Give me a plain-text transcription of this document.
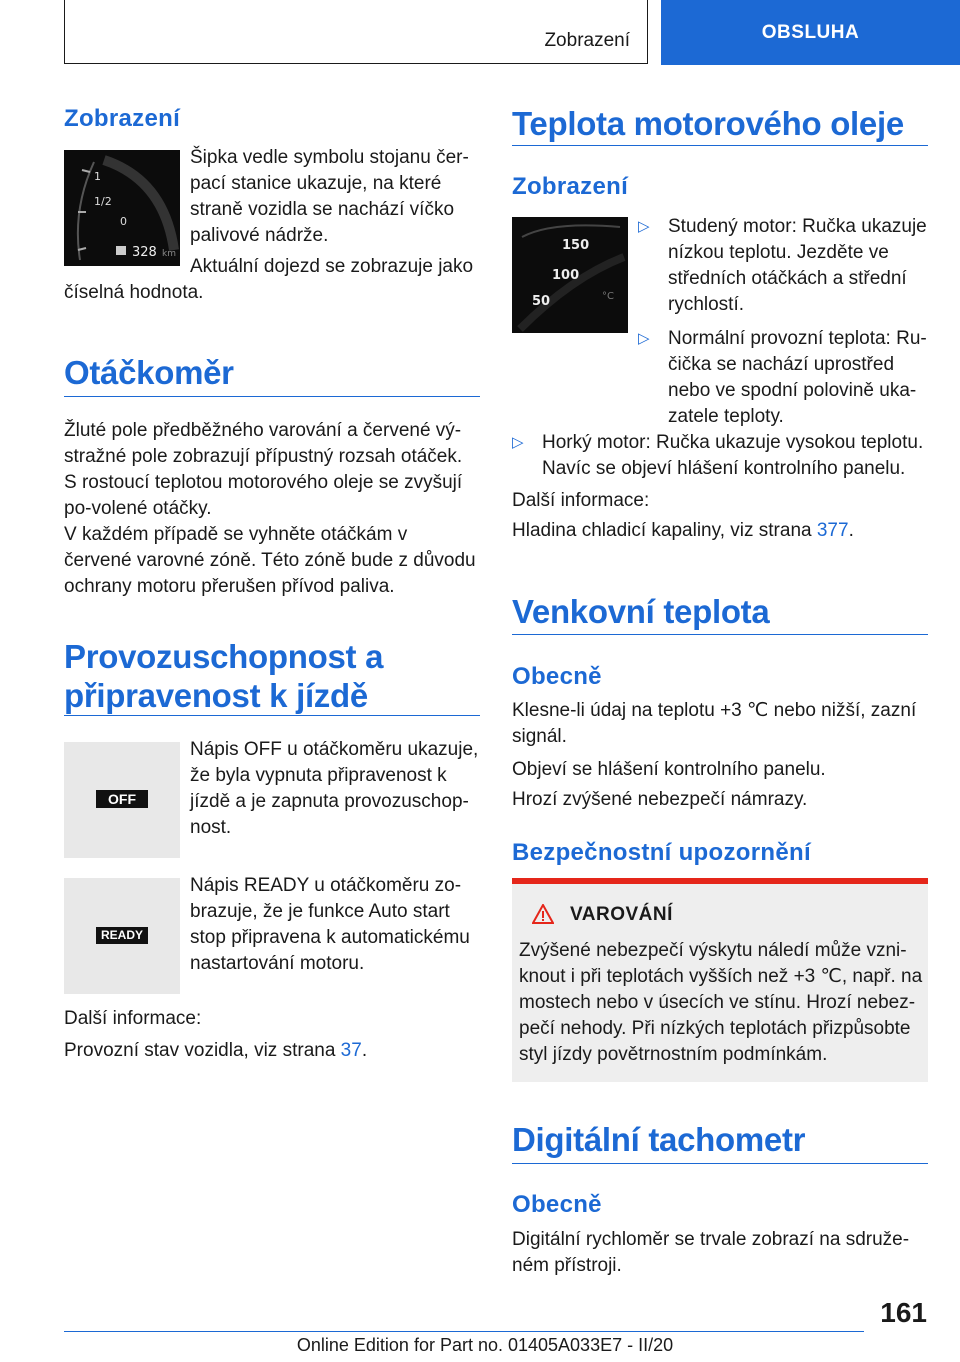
Zobrazení	OBSLUHA
Zobrazení
1
1/2
0
328 km
Šipka vedle symbolu stojanu čer-pací stanice ukazuje, na které straně vozidla se nachází víčko palivové nádrže.
Aktuální dojezd se zobrazuje jako číselná hodnota.
Otáčkoměr
Žluté pole předběžného varování a červené vý-stražné pole zobrazují přípustný rozsah otáček. S rostoucí teplotou motorového oleje se zvyšují po-volené otáčky.
V každém případě se vyhněte otáčkám v červené varovné zóně. Této zóně bude z důvodu ochrany motoru přerušen přívod paliva.
Provozuschopnost a
připravenost k jízdě
OFF
Nápis OFF u otáčkoměru ukazuje, že byla vypnuta připravenost k jízdě a je zapnuta provozuschop-nost.
READY
Nápis READY u otáčkoměru zo-brazuje, že je funkce Auto start stop připravena k automatickému nastartování motoru.
Další informace:
Provozní stav vozidla, viz strana 37.
Teplota motorového oleje
Zobrazení
150
100
50	°C
▷ Studený motor: Ručka ukazuje nízkou teplotu. Jezděte ve středních otáčkách a střední rychlostí.
▷ Normální provozní teplota: Ru-čička se nachází uprostřed nebo ve spodní polovině uka-zatele teploty.
▷ Horký motor: Ručka ukazuje vysokou teplotu. Navíc se objeví hlášení kontrolního panelu.
Další informace:
Hladina chladicí kapaliny, viz strana 377.
Venkovní teplota
Obecně
Klesne-li údaj na teplotu +3 ℃ nebo nižší, zazní signál.
Objeví se hlášení kontrolního panelu.
Hrozí zvýšené nebezpečí námrazy.
Bezpečnostní upozornění
VAROVÁNÍ
Zvýšené nebezpečí výskytu náledí může vzni-knout i při teplotách vyšších než +3 ℃, např. na mostech nebo v úsecích ve stínu. Hrozí nebez-pečí nehody. Při nízkých teplotách přizpůsobte styl jízdy povětrnostním podmínkám.
Digitální tachometr
Obecně
Digitální rychloměr se trvale zobrazí na sdruže-ném přístroji.
161
Online Edition for Part no. 01405A033E7 - II/20
